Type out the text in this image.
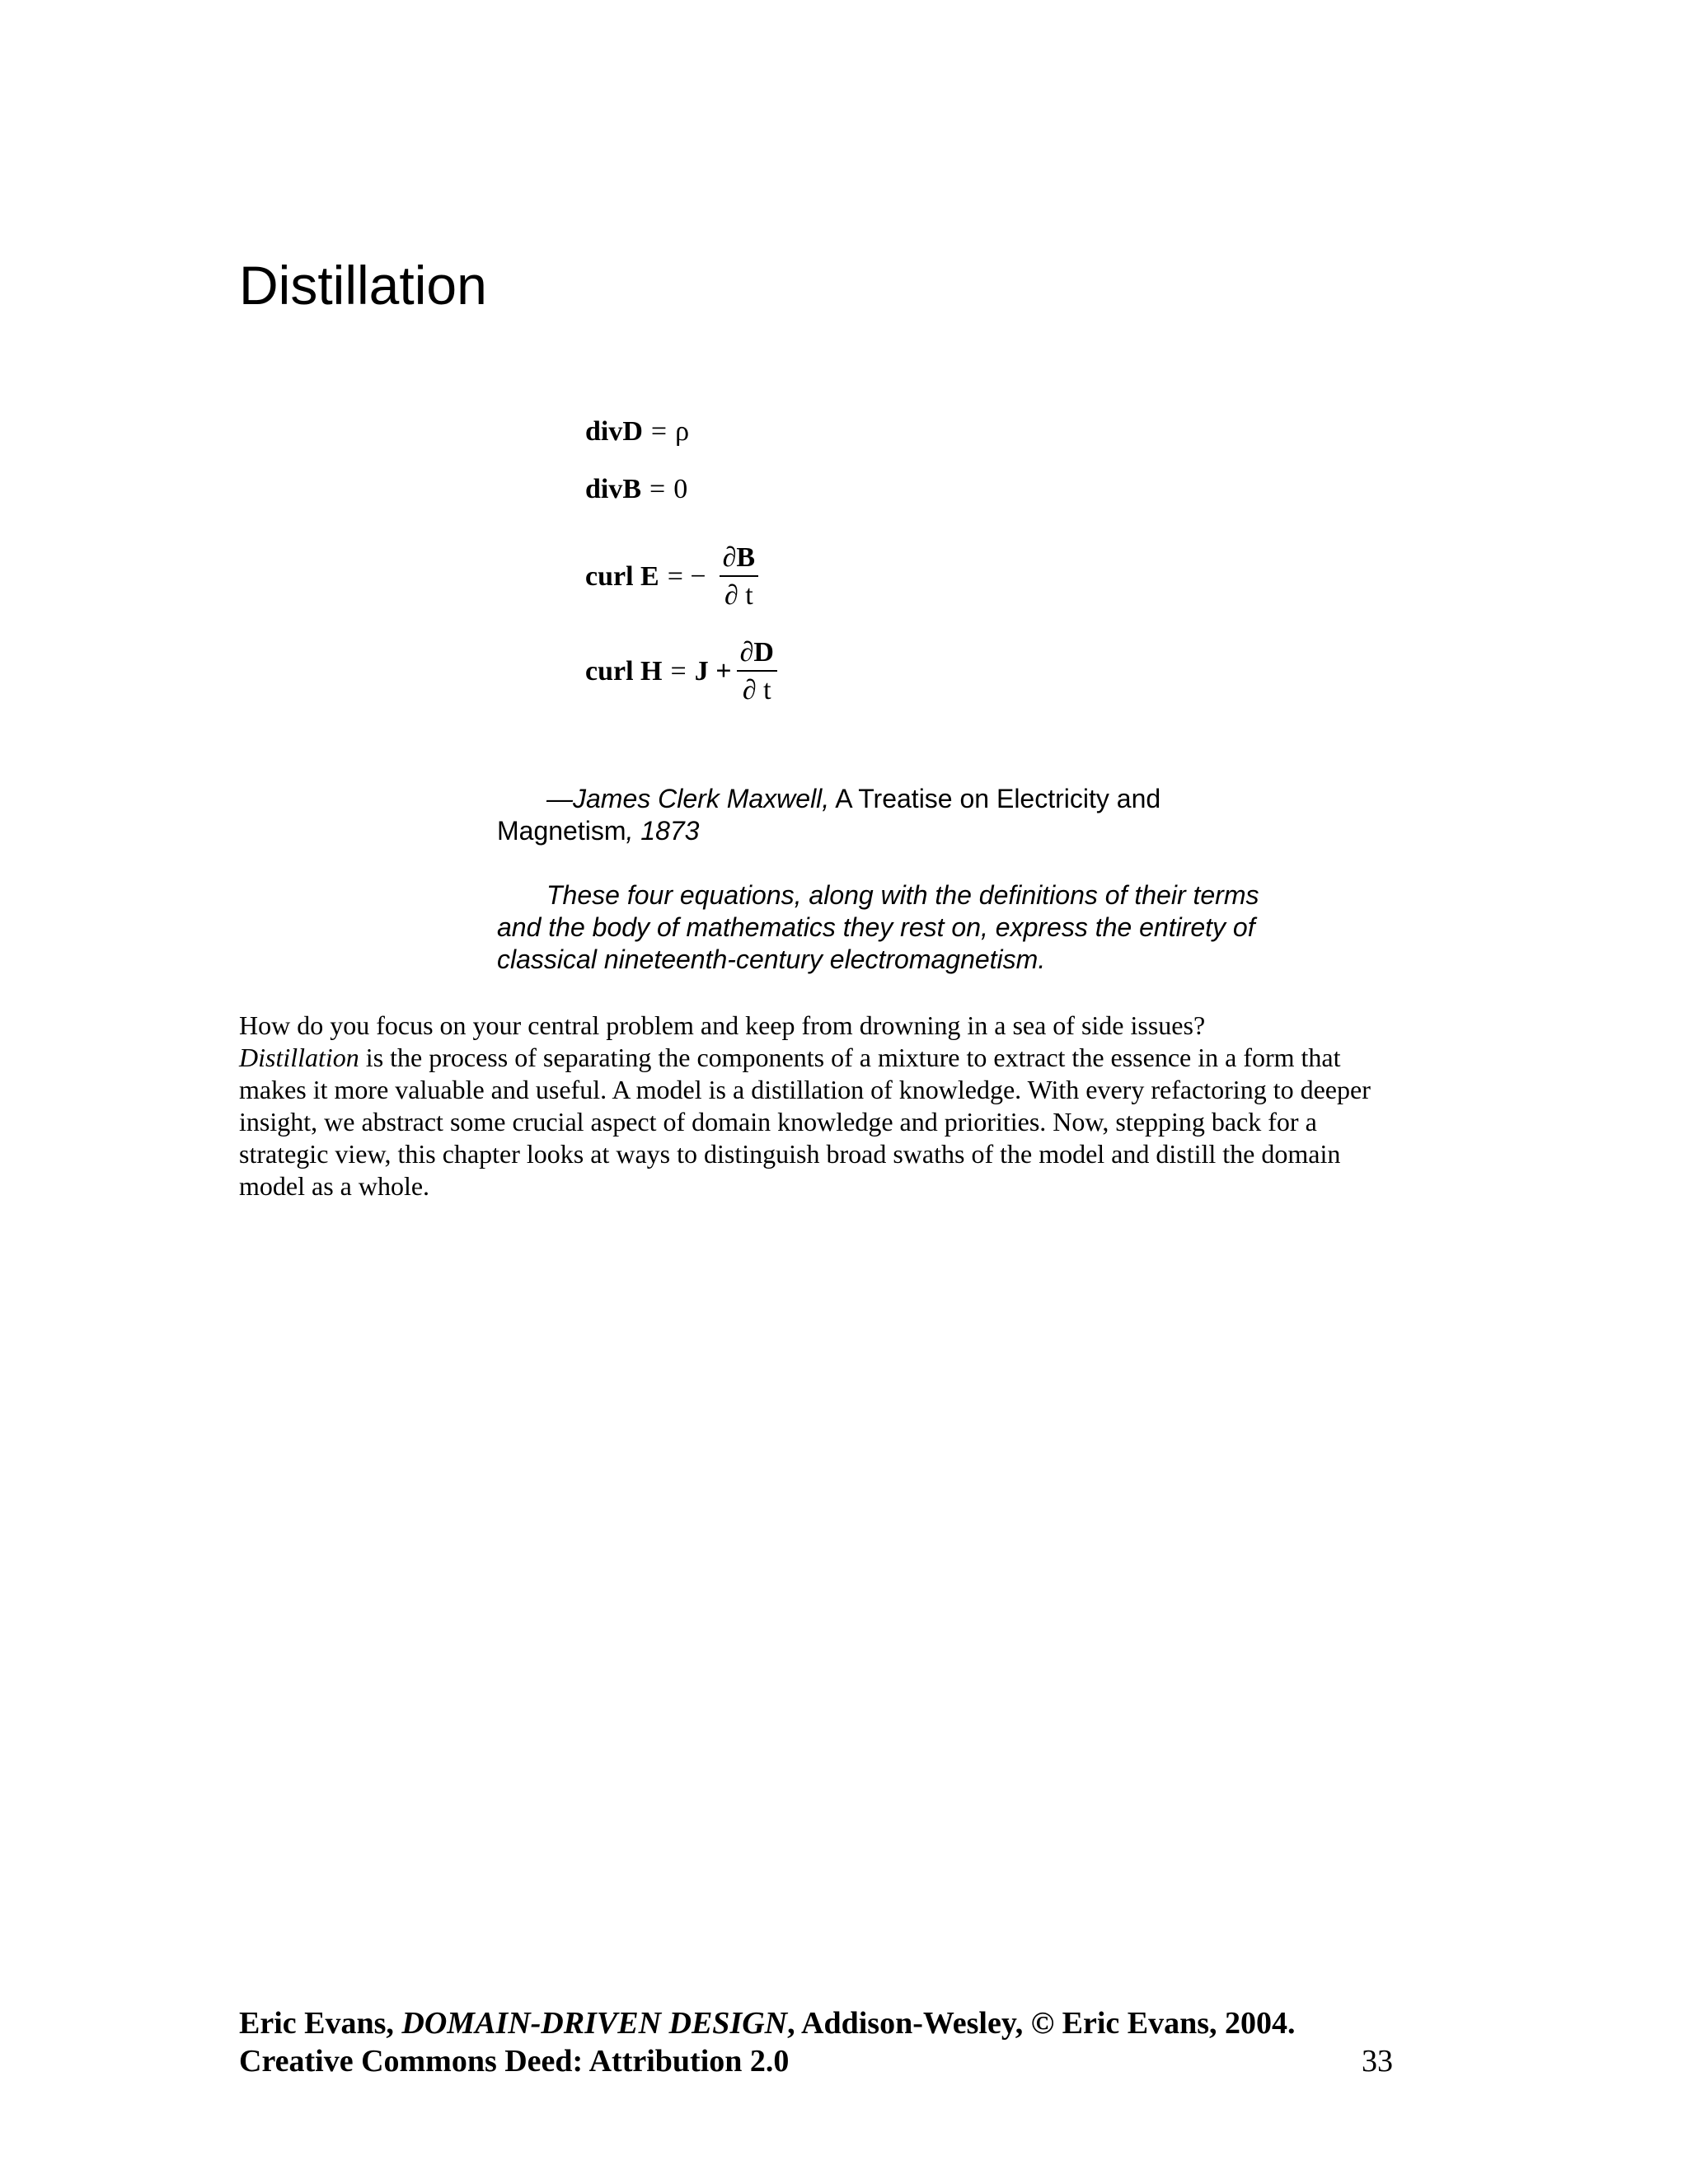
Distillation
div D = ρ
div B = 0
curl
E = − $\frac{\partial B}{\partial t}$
curl
$H = J + \frac{\partial D}{\partial t}$
—James Clerk Maxwell, A Treatise on Electricity and Magnetism, 1873
These four equations, along with the definitions of their terms and the body of mathematics they rest on, express the entirety of classical nineteenth-century electromagnetism.

How do you focus on your central problem and keep from drowning in a sea of side issues?
Distillation is the process of separating the components of a mixture to extract the essence in a form that makes it more valuable and useful. A model is a distillation of knowledge. With every refactoring to deeper insight, we abstract some crucial aspect of domain knowledge and priorities. Now, stepping back for a strategic view, this chapter looks at ways to distinguish broad swaths of the model and distill the domain model as a whole.

Eric Evans, DOMAIN-DRIVEN DESIGN, Addison-Wesley, © Eric Evans, 2004.
Creative Commons Deed: Attribution 2.0	33
